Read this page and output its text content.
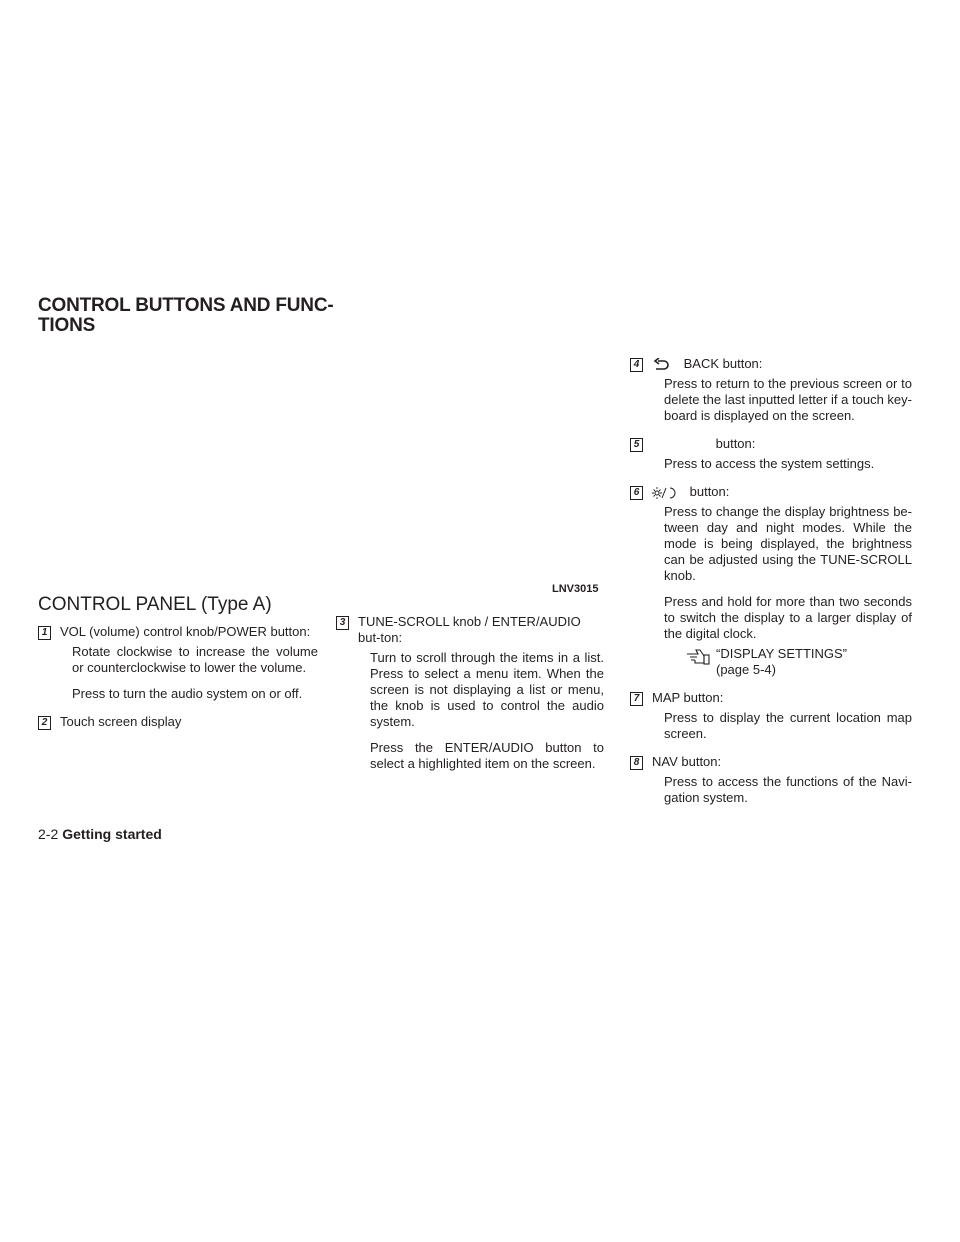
CONTROL BUTTONS AND FUNC-
TIONS
LNV3015

CONTROL PANEL (Type A)

1 VOL (volume) control knob/POWER button:

Rotate clockwise to increase the volume or counterclockwise to lower the volume.

Press to turn the audio system on or off.

2 Touch screen display

3 TUNE-SCROLL knob / ENTER/AUDIO but-ton:

Turn to scroll through the items in a list. Press to select a menu item. When the screen is not displaying a list or menu, the knob is used to control the audio system.

Press the ENTER/AUDIO button to select a highlighted item on the screen.

4	BACK button:

Press to return to the previous screen or to delete the last inputted letter if a touch key-board is displayed on the screen.

5	button:

Press to access the system settings.

6	button:

Press to change the display brightness be-tween day and night modes. While the mode is being displayed, the brightness can be adjusted using the TUNE-SCROLL knob.

Press and hold for more than two seconds to switch the display to a larger display of the digital clock.

“DISPLAY SETTINGS”

(page 5-4)

7 MAP button:

Press to display the current location map screen.

8 NAV button:

Press to access the functions of the Navi-gation system.

2-2 Getting started
